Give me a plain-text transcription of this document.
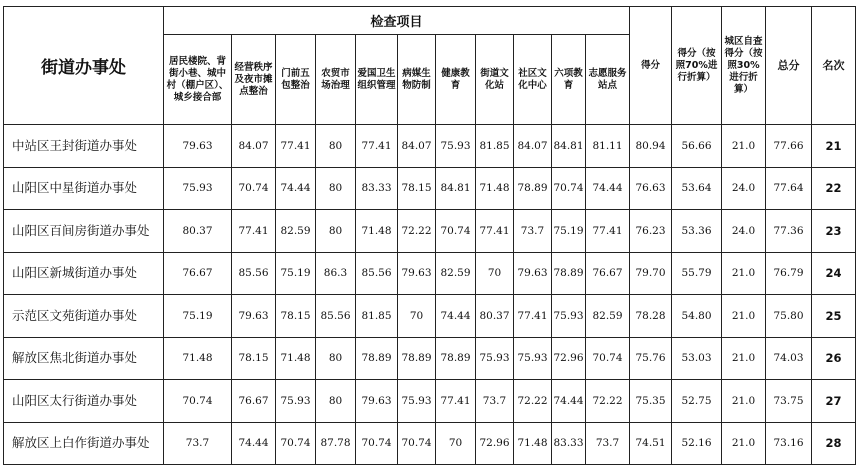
街道办事处	检查项目											得分	得分（按照70%进行折算）	城区自查得分（按照30%进行折算）	总分	名次
	居民楼院、背街小巷、城中村（棚户区）、城乡接合部	经营秩序及夜市摊点整治	门前五包整治	农贸市场治理	爱国卫生组织管理	病媒生物防制	健康教育	街道文化站	社区文化中心	六项教育	志愿服务站点					
中站区王封街道办事处	79.63	84.07	77.41	80	77.41	84.07	75.93	81.85	84.07	84.81	81.11	80.94	56.66	21.0	77.66	21
山阳区中星街道办事处	75.93	70.74	74.44	80	83.33	78.15	84.81	71.48	78.89	70.74	74.44	76.63	53.64	24.0	77.64	22
山阳区百间房街道办事处	80.37	77.41	82.59	80	71.48	72.22	70.74	77.41	73.7	75.19	77.41	76.23	53.36	24.0	77.36	23
山阳区新城街道办事处	76.67	85.56	75.19	86.3	85.56	79.63	82.59	70	79.63	78.89	76.67	79.70	55.79	21.0	76.79	24
示范区文苑街道办事处	75.19	79.63	78.15	85.56	81.85	70	74.44	80.37	77.41	75.93	82.59	78.28	54.80	21.0	75.80	25
解放区焦北街道办事处	71.48	78.15	71.48	80	78.89	78.89	78.89	75.93	75.93	72.96	70.74	75.76	53.03	21.0	74.03	26
山阳区太行街道办事处	70.74	76.67	75.93	80	79.63	75.93	77.41	73.7	72.22	74.44	72.22	75.35	52.75	21.0	73.75	27
解放区上白作街道办事处	73.7	74.44	70.74	87.78	70.74	70.74	70	72.96	71.48	83.33	73.7	74.51	52.16	21.0	73.16	28
